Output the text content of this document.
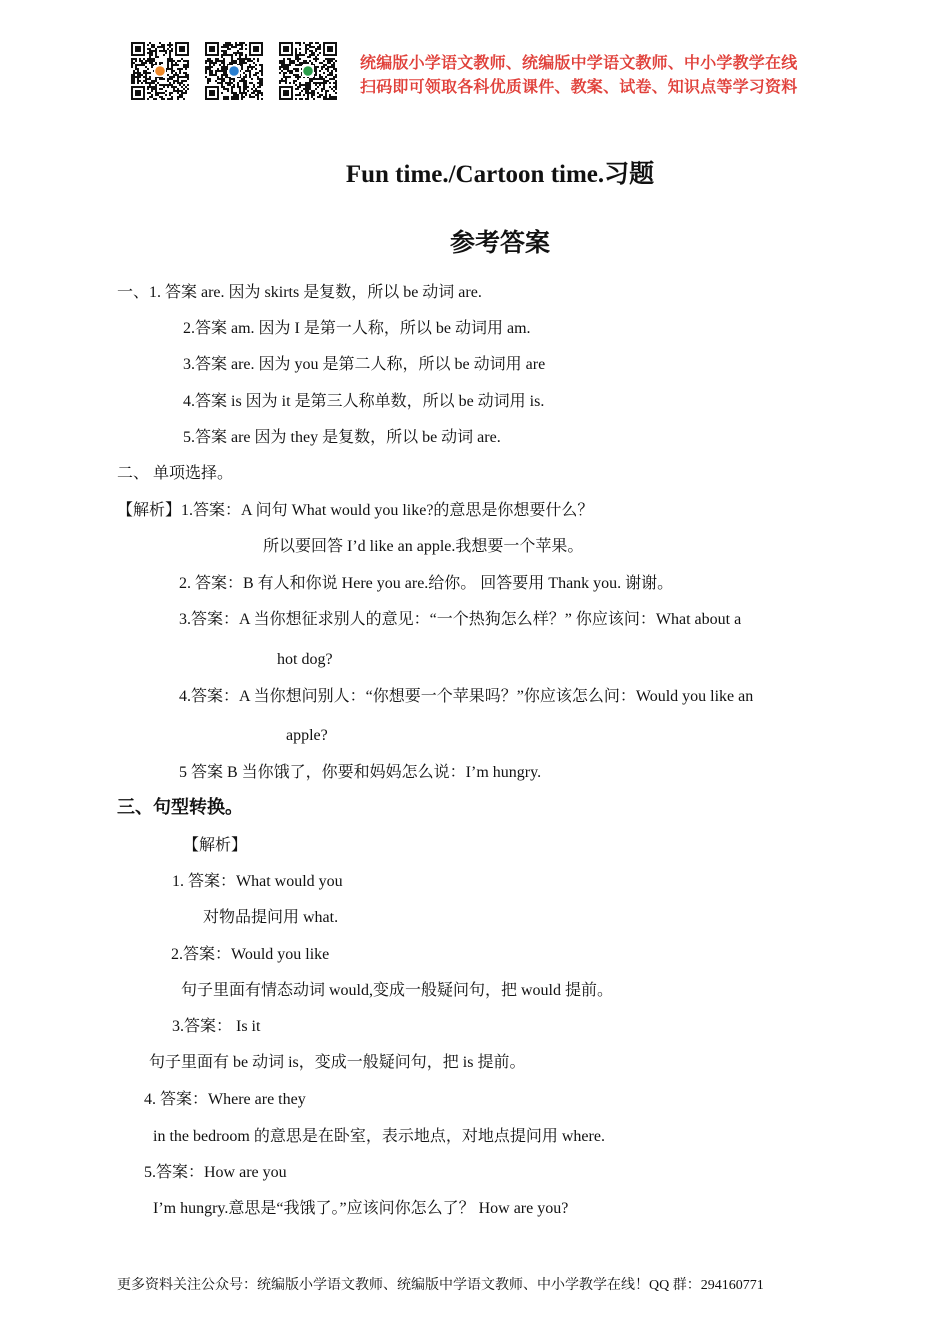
统编版小学语文教师、统编版中学语文教师、中小学教学在线
扫码即可领取各科优质课件、教案、试卷、知识点等学习资料
Fun time./Cartoon time.习题
参考答案
一、1. 答案 are. 因为 skirts 是复数，所以 be 动词 are.
2.答案 am. 因为 I 是第一人称，所以 be 动词用 am.
3.答案 are. 因为 you 是第二人称，所以 be 动词用 are
4.答案 is 因为 it 是第三人称单数，所以 be 动词用 is.
5.答案 are 因为 they 是复数，所以 be 动词 are.
二、 单项选择。
【解析】1.答案：A 问句 What would you like?的意思是你想要什么？
所以要回答 I’d like an apple.我想要一个苹果。
2. 答案：B 有人和你说 Here you are.给你。 回答要用 Thank you. 谢谢。
3.答案：A 当你想征求别人的意见：“一个热狗怎么样？” 你应该问：What about a
hot dog?
4.答案：A 当你想问别人：“你想要一个苹果吗？”你应该怎么问：Would you like an
apple?
5 答案 B 当你饿了，你要和妈妈怎么说：I’m hungry.
三、句型转换。
【解析】
1. 答案：What would you
对物品提问用 what.
2.答案：Would you like
句子里面有情态动词 would,变成一般疑问句，把 would 提前。
3.答案： Is it
句子里面有 be 动词 is，变成一般疑问句，把 is 提前。
4. 答案：Where are they
in the bedroom 的意思是在卧室，表示地点，对地点提问用 where.
5.答案：How are you
I’m hungry.意思是“我饿了。”应该问你怎么了？ How are you?
更多资料关注公众号：统编版小学语文教师、统编版中学语文教师、中小学教学在线！QQ 群：294160771
